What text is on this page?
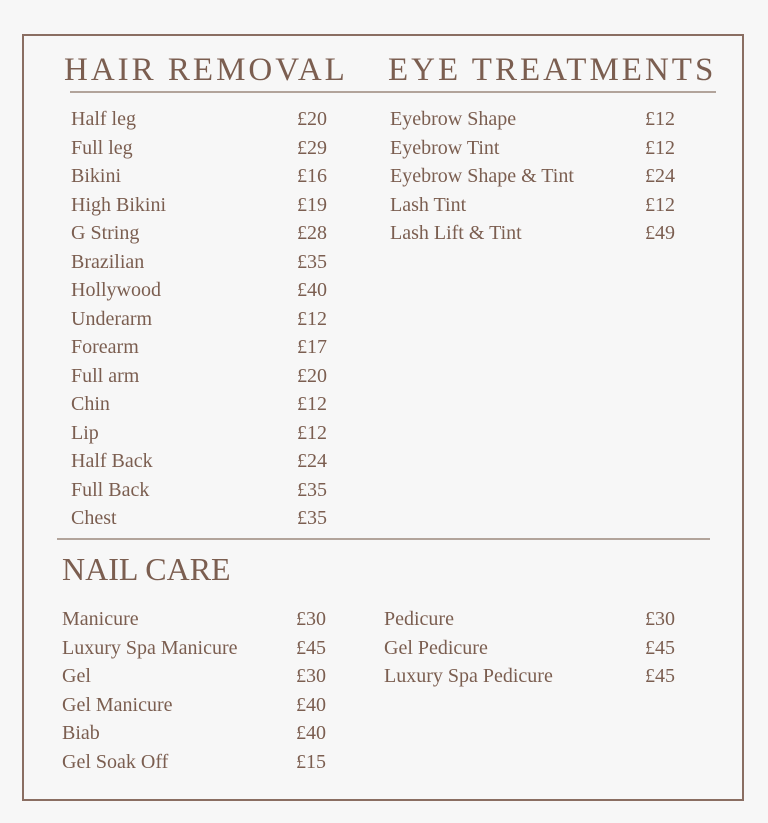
HAIR REMOVAL EYE TREATMENTS
Half leg	£20
Full leg	£29
Bikini	£16
High Bikini	£19
G String	£28
Brazilian	£35
Hollywood	£40
Underarm	£12
Forearm	£17
Full arm	£20
Chin	£12
Lip	£12
Half Back	£24
Full Back	£35
Chest	£35
Eyebrow Shape	£12
Eyebrow Tint	£12
Eyebrow Shape & Tint	£24
Lash Tint	£12
Lash Lift & Tint	£49
NAIL CARE
Manicure	£30
Luxury Spa Manicure	£45
Gel	£30
Gel Manicure	£40
Biab	£40
Gel Soak Off	£15
Pedicure	£30
Gel Pedicure	£45
Luxury Spa Pedicure	£45
